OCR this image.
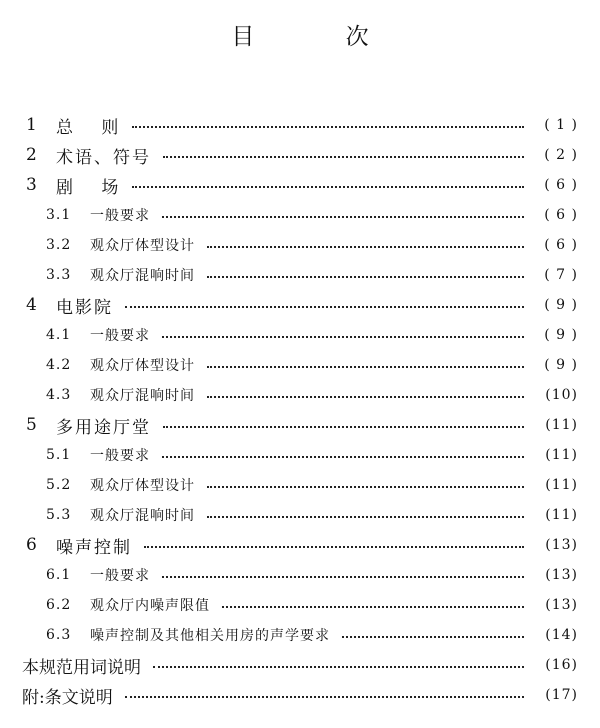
目 次
1	总　 则	( 1 )
2	术语、符号	( 2 )
3	剧　 场	( 6 )
3.1	一般要求	( 6 )
3.2	观众厅体型设计	( 6 )
3.3	观众厅混响时间	( 7 )
4	电影院	( 9 )
4.1	一般要求	( 9 )
4.2	观众厅体型设计	( 9 )
4.3	观众厅混响时间	(10)
5	多用途厅堂	(11)
5.1	一般要求	(11)
5.2	观众厅体型设计	(11)
5.3	观众厅混响时间	(11)
6	噪声控制	(13)
6.1	一般要求	(13)
6.2	观众厅内噪声限值	(13)
6.3	噪声控制及其他相关用房的声学要求	(14)
本规范用词说明	(16)
附:条文说明	(17)
